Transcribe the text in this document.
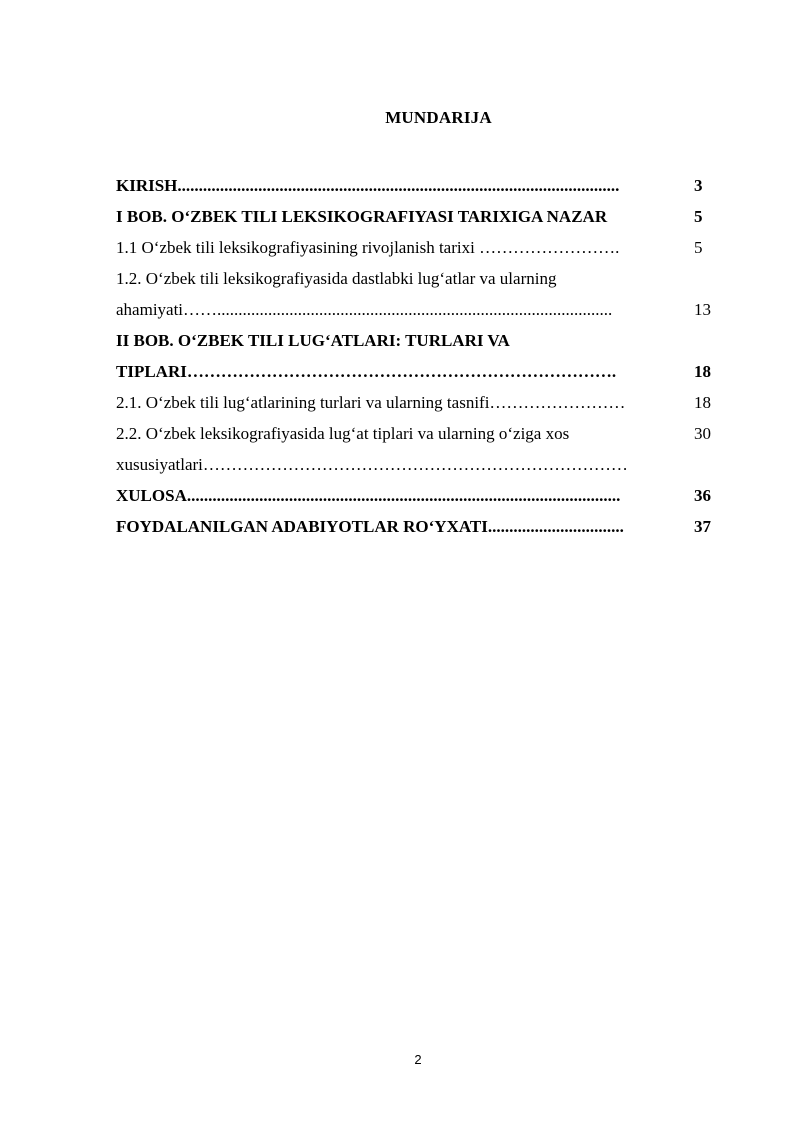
MUNDARIJA
KIRISH........................................................................................................	3
I BOB. O‘ZBEK TILI LEKSIKOGRAFIYASI TARIXIGA NAZAR	5
1.1 O‘zbek tili leksikografiyasining rivojlanish tarixi …………………….	5
1.2. O‘zbek tili leksikografiyasida dastlabki lug‘atlar va ularning
ahamiyati…….............................................................................................	13
II BOB. O‘ZBEK TILI LUG‘ATLARI: TURLARI VA
TIPLARI………………………………………………………………….	18
2.1. O‘zbek tili lug‘atlarining turlari va ularning tasnifi……………………	18
2.2. O‘zbek leksikografiyasida lug‘at tiplari va ularning o‘ziga xos	30
xususiyatlari…………………………………………………………………
XULOSA......................................................................................................	36
FOYDALANILGAN ADABIYOTLAR RO‘YXATI................................	37
2
